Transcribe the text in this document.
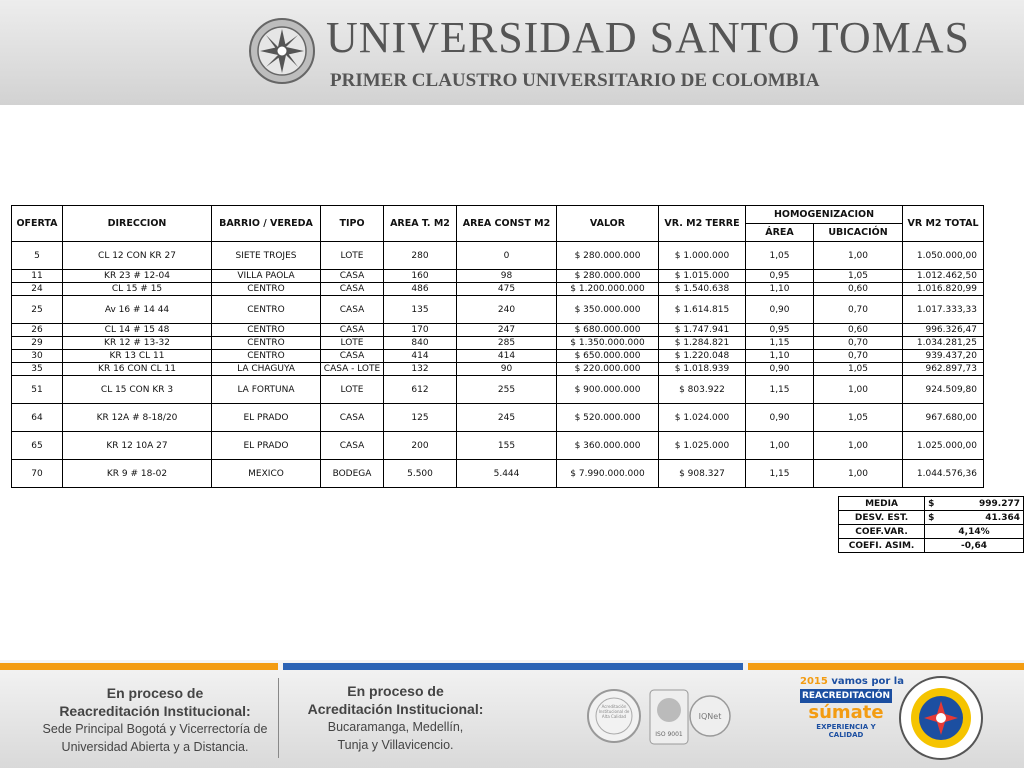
UNIVERSIDAD SANTO TOMAS
PRIMER CLAUSTRO UNIVERSITARIO DE COLOMBIA
OFERTA	DIRECCION	BARRIO / VEREDA	TIPO	AREA T. M2	AREA CONST M2	VALOR	VR. M2 TERRE	HOMOGENIZACION		VR M2 TOTAL
								ÁREA	UBICACIÓN	
5	CL 12 CON KR 27	SIETE TROJES	LOTE	280	0	$ 280.000.000	$ 1.000.000	1,05	1,00	1.050.000,00
11	KR 23 # 12-04	VILLA PAOLA	CASA	160	98	$ 280.000.000	$ 1.015.000	0,95	1,05	1.012.462,50
24	CL 15 # 15	CENTRO	CASA	486	475	$ 1.200.000.000	$ 1.540.638	1,10	0,60	1.016.820,99
25	Av 16 # 14 44	CENTRO	CASA	135	240	$ 350.000.000	$ 1.614.815	0,90	0,70	1.017.333,33
26	CL 14 # 15 48	CENTRO	CASA	170	247	$ 680.000.000	$ 1.747.941	0,95	0,60	996.326,47
29	KR 12 # 13-32	CENTRO	LOTE	840	285	$ 1.350.000.000	$ 1.284.821	1,15	0,70	1.034.281,25
30	KR 13 CL 11	CENTRO	CASA	414	414	$ 650.000.000	$ 1.220.048	1,10	0,70	939.437,20
35	KR 16 CON CL 11	LA CHAGUYA	CASA - LOTE	132	90	$ 220.000.000	$ 1.018.939	0,90	1,05	962.897,73
51	CL 15 CON KR 3	LA FORTUNA	LOTE	612	255	$ 900.000.000	$ 803.922	1,15	1,00	924.509,80
64	KR 12A # 8-18/20	EL PRADO	CASA	125	245	$ 520.000.000	$ 1.024.000	0,90	1,05	967.680,00
65	KR 12 10A 27	EL PRADO	CASA	200	155	$ 360.000.000	$ 1.025.000	1,00	1,00	1.025.000,00
70	KR 9 # 18-02	MEXICO	BODEGA	5.500	5.444	$ 7.990.000.000	$ 908.327	1,15	1,00	1.044.576,36
MEDIA	$ 999.277

DESV. EST.	$ 41.364

COEF.VAR.	4,14%
COEFI. ASIM.	-0,64
En proceso de
Reacreditación Institucional:
Sede Principal Bogotá y Vicerrectoría de
Universidad Abierta y a Distancia.
En proceso de
Acreditación Institucional:
Bucaramanga, Medellín,
Tunja y Villavicencio.
Acreditación Institucional de Alta Calidad
ISO 9001
IQNet
2015 vamos por la
REACREDITACIÓN
súmate
EXPERIENCIA Y CALIDAD
